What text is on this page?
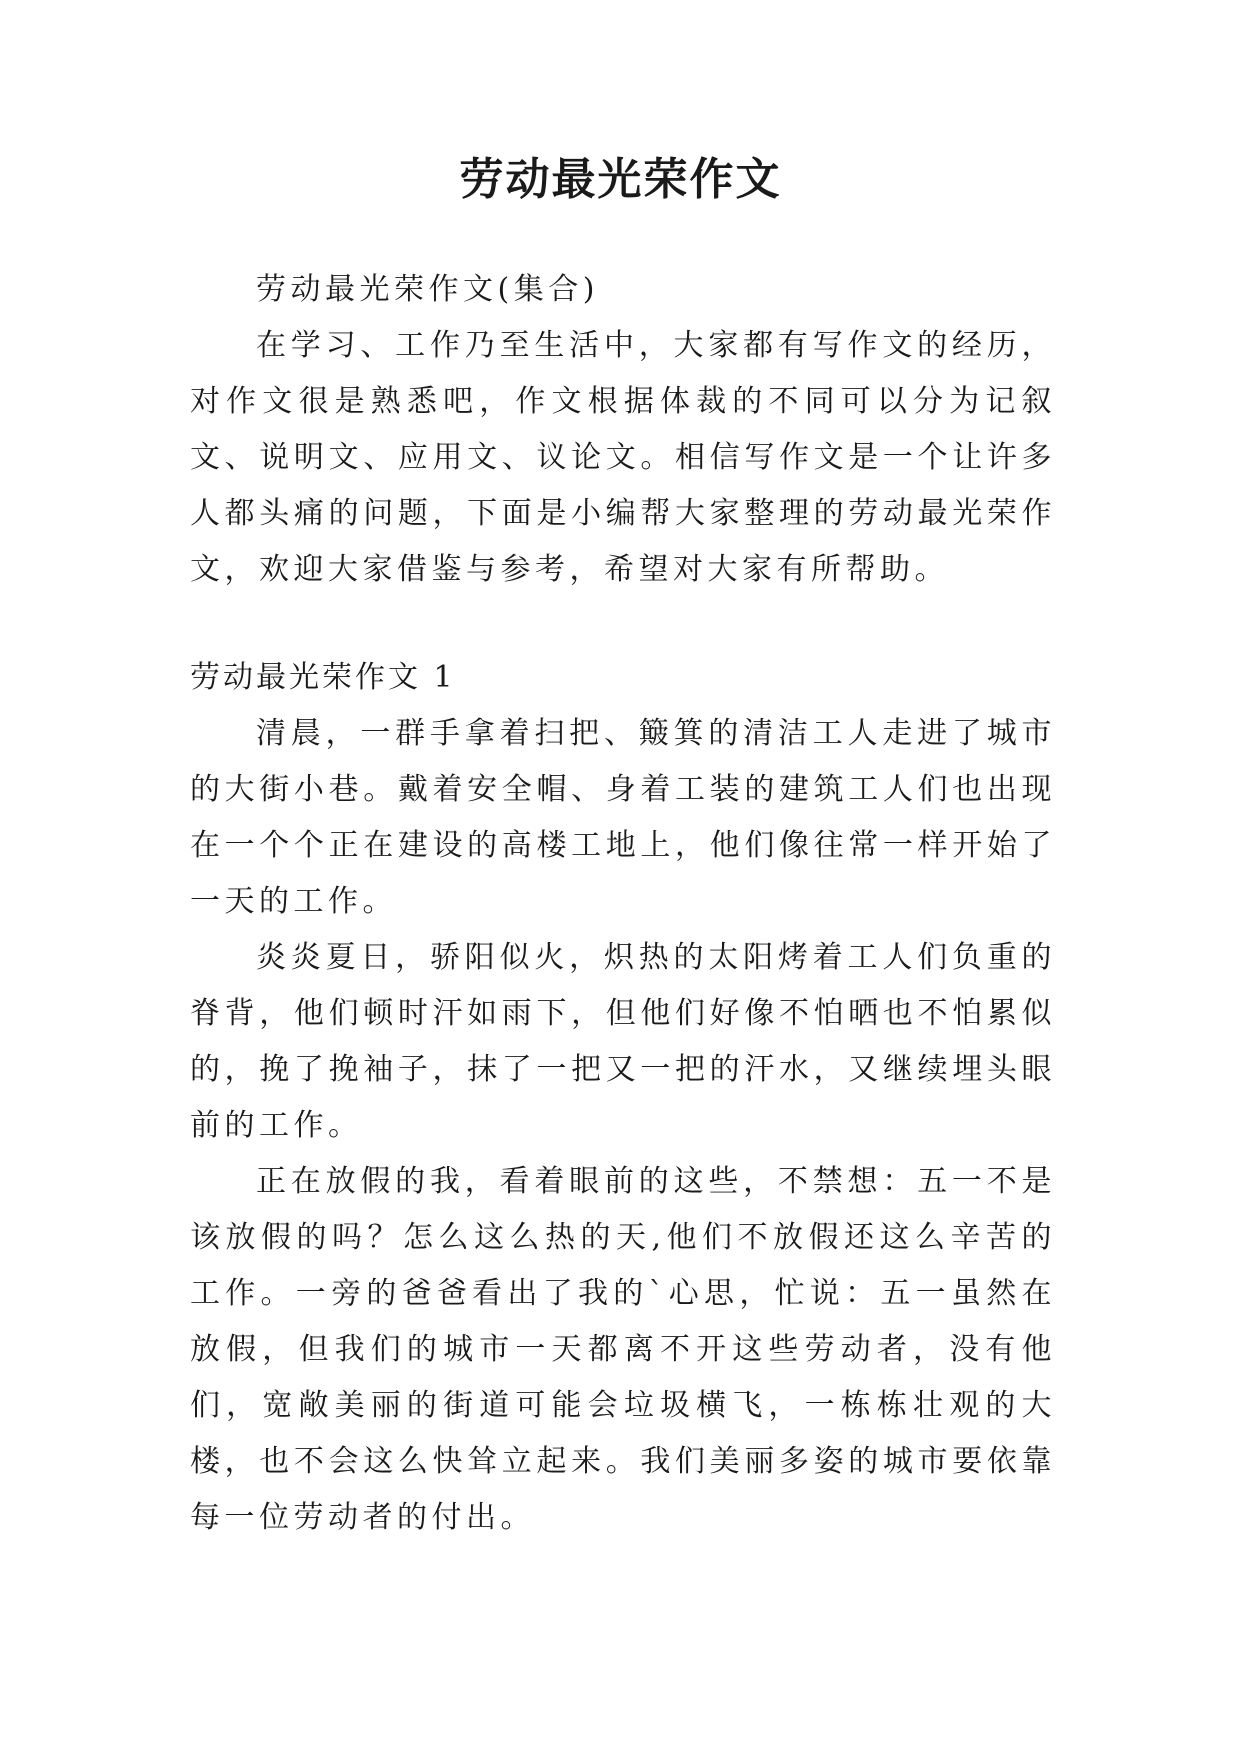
劳动最光荣作文

劳动最光荣作文(集合)

在学习、工作乃至生活中，大家都有写作文的经历，对作文很是熟悉吧，作文根据体裁的不同可以分为记叙文、说明文、应用文、议论文。相信写作文是一个让许多人都头痛的问题，下面是小编帮大家整理的劳动最光荣作文，欢迎大家借鉴与参考，希望对大家有所帮助。

劳动最光荣作文 1

清晨，一群手拿着扫把、簸箕的清洁工人走进了城市的大街小巷。戴着安全帽、身着工装的建筑工人们也出现在一个个正在建设的高楼工地上，他们像往常一样开始了一天的工作。

炎炎夏日，骄阳似火，炽热的太阳烤着工人们负重的脊背，他们顿时汗如雨下，但他们好像不怕晒也不怕累似的，挽了挽袖子，抹了一把又一把的汗水，又继续埋头眼前的工作。

正在放假的我，看着眼前的这些，不禁想：五一不是该放假的吗？怎么这么热的天,他们不放假还这么辛苦的工作。一旁的爸爸看出了我的`心思，忙说：五一虽然在放假，但我们的城市一天都离不开这些劳动者，没有他们，宽敞美丽的街道可能会垃圾横飞，一栋栋壮观的大楼，也不会这么快耸立起来。我们美丽多姿的城市要依靠每一位劳动者的付出。
